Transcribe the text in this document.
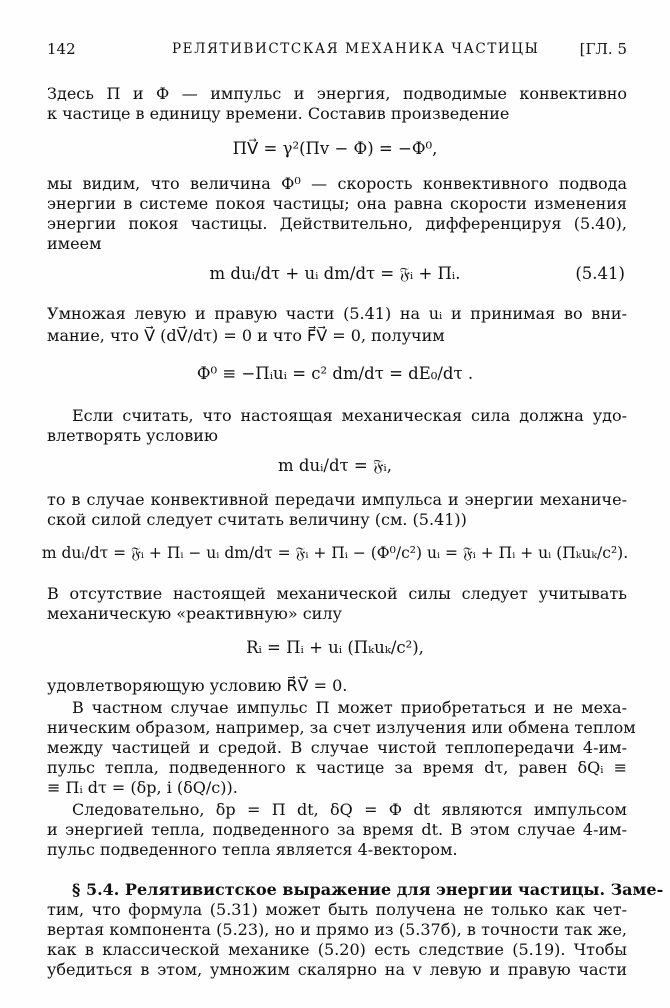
142	РЕЛЯТИВИСТСКАЯ МЕХАНИКА ЧАСТИЦЫ	[ГЛ. 5
Здесь П и Ф — импульс и энергия, подводимые конвективно
к частице в единицу времени. Составив произведение
ПV⃗ = γ²(Пv − Ф) = −Ф⁰,
мы видим, что величина Ф⁰ — скорость конвективного подвода
энергии в системе покоя частицы; она равна скорости изменения
энергии покоя частицы. Действительно, дифференцируя (5.40),
имеем
m duᵢ/dτ + uᵢ dm/dτ = 𝔉ᵢ + Пᵢ.	(5.41)
Умножая левую и правую части (5.41) на uᵢ и принимая во вни-
мание, что V⃗ (dV⃗/dτ) = 0 и что F⃗V⃗ = 0, получим
Ф⁰ ≡ −Пᵢuᵢ = c² dm/dτ = dE₀/dτ .
Если считать, что настоящая механическая сила должна удо-
влетворять условию
m duᵢ/dτ = 𝔉ᵢ,
то в случае конвективной передачи импульса и энергии механиче-
ской силой следует считать величину (см. (5.41))
m duᵢ/dτ = 𝔉ᵢ + Пᵢ − uᵢ dm/dτ = 𝔉ᵢ + Пᵢ − (Ф⁰/c²) uᵢ = 𝔉ᵢ + Пᵢ + uᵢ (Пₖuₖ/c²).
В отсутствие настоящей механической силы следует учитывать
механическую «реактивную» силу
Rᵢ = Пᵢ + uᵢ (Пₖuₖ/c²),
удовлетворяющую условию R⃗V⃗ = 0.
В частном случае импульс П может приобретаться и не меха-
ническим образом, например, за счет излучения или обмена теплом
между частицей и средой. В случае чистой теплопередачи 4-им-
пульс тепла, подведенного к частице за время dτ, равен δQᵢ ≡
≡ Пᵢ dτ = (δp, i (δQ/c)).
Следовательно, δp = П dt, δQ = Ф dt являются импульсом
и энергией тепла, подведенного за время dt. В этом случае 4-им-
пульс подведенного тепла является 4-вектором.
§ 5.4. Релятивистское выражение для энергии частицы. Заме-
тим, что формула (5.31) может быть получена не только как чет-
вертая компонента (5.23), но и прямо из (5.37б), в точности так же,
как в классической механике (5.20) есть следствие (5.19). Чтобы
убедиться в этом, умножим скалярно на v левую и правую части
